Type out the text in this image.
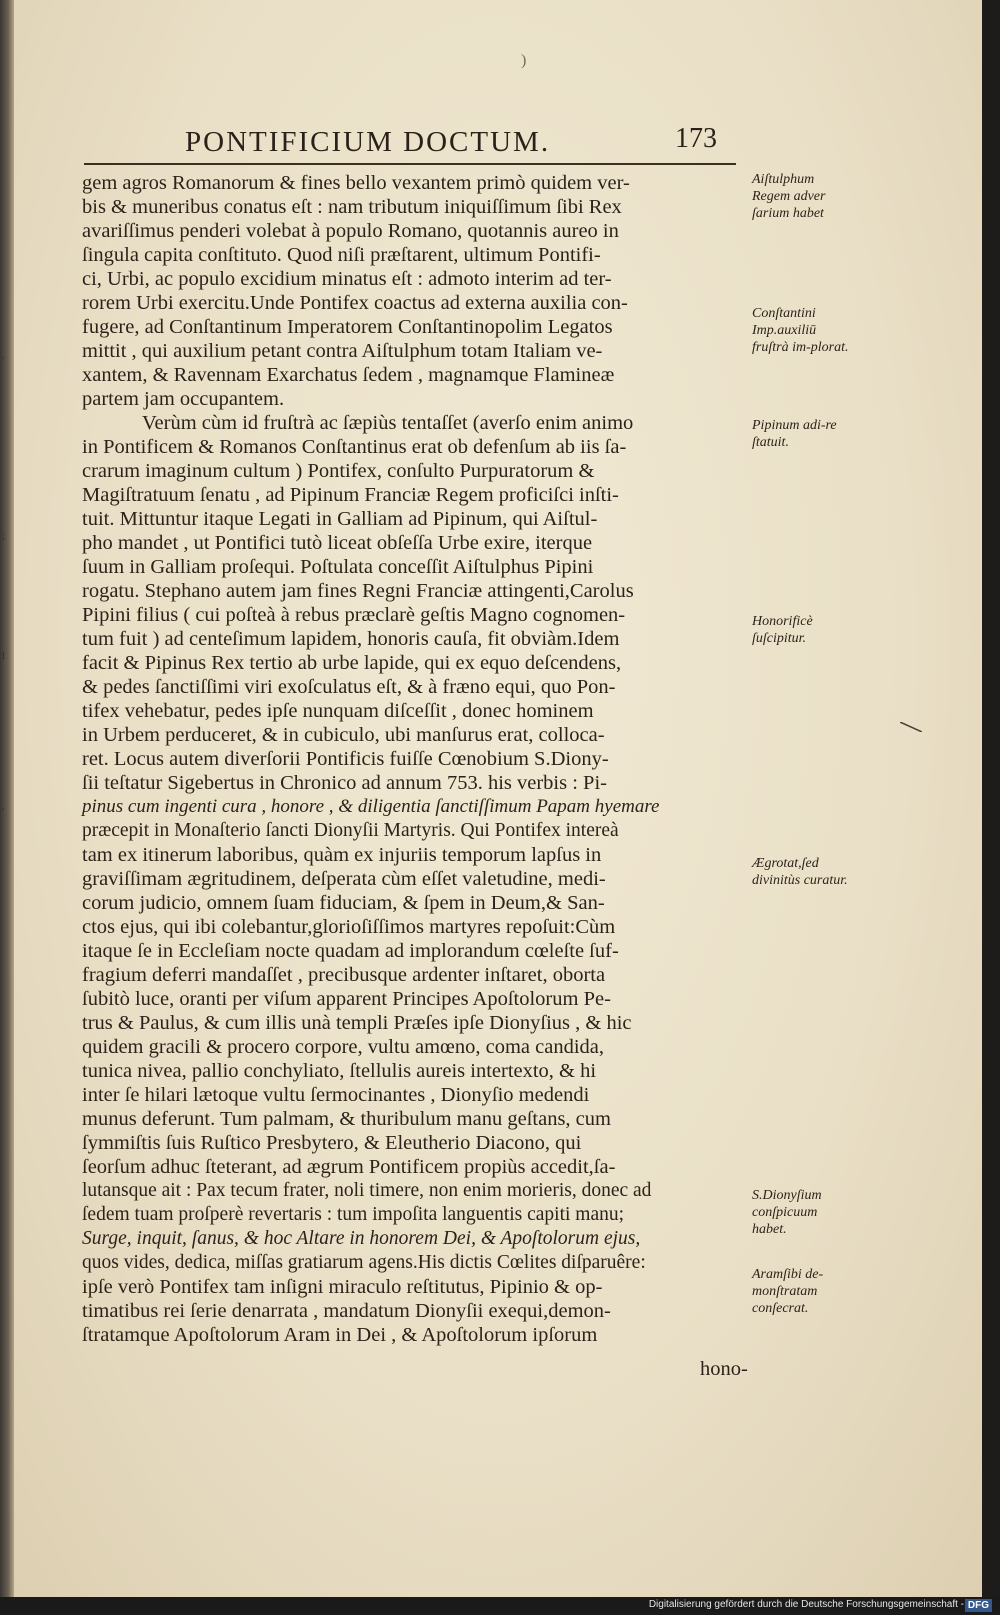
'
;
l
,
)
PONTIFICIUM DOCTUM.	173
gem agros Romanorum & fines bello vexantem primò quidem ver-
bis & muneribus conatus eſt : nam tributum iniquiſſimum ſibi Rex
avariſſimus penderi volebat à populo Romano, quotannis aureo in
ſingula capita conſtituto. Quod niſi præſtarent, ultimum Pontifi-
ci, Urbi, ac populo excidium minatus eſt : admoto interim ad ter-
rorem Urbi exercitu.Unde Pontifex coactus ad externa auxilia con-
fugere, ad Conſtantinum Imperatorem Conſtantinopolim Legatos
mittit , qui auxilium petant contra Aiſtulphum totam Italiam ve-
xantem, & Ravennam Exarchatus ſedem , magnamque Flamineæ
partem jam occupantem.
Verùm cùm id fruſtrà ac ſæpiùs tentaſſet (averſo enim animo
in Pontificem & Romanos Conſtantinus erat ob defenſum ab iis ſa-
crarum imaginum cultum ) Pontifex, conſulto Purpuratorum &
Magiſtratuum ſenatu , ad Pipinum Franciæ Regem proficiſci inſti-
tuit. Mittuntur itaque Legati in Galliam ad Pipinum, qui Aiſtul-
pho mandet , ut Pontifici tutò liceat obſeſſa Urbe exire, iterque
ſuum in Galliam proſequi. Poſtulata conceſſit Aiſtulphus Pipini
rogatu. Stephano autem jam fines Regni Franciæ attingenti,Carolus
Pipini filius ( cui poſteà à rebus præclarè geſtis Magno cognomen-
tum fuit ) ad centeſimum lapidem, honoris cauſa, fit obviàm.Idem
facit & Pipinus Rex tertio ab urbe lapide, qui ex equo deſcendens,
& pedes ſanctiſſimi viri exoſculatus eſt, & à fræno equi, quo Pon-
tifex vehebatur, pedes ipſe nunquam diſceſſit , donec hominem
in Urbem perduceret, & in cubiculo, ubi manſurus erat, colloca-
ret. Locus autem diverſorii Pontificis fuiſſe Cœnobium S.Diony-
ſii teſtatur Sigebertus in Chronico ad annum 753. his verbis : Pi-
pinus cum ingenti cura , honore , & diligentia ſanctiſſimum Papam hyemare
præcepit in Monaſterio ſancti Dionyſii Martyris. Qui Pontifex intereà
tam ex itinerum laboribus, quàm ex injuriis temporum lapſus in
graviſſimam ægritudinem, deſperata cùm eſſet valetudine, medi-
corum judicio, omnem ſuam fiduciam, & ſpem in Deum,& San-
ctos ejus, qui ibi colebantur,glorioſiſſimos martyres repoſuit:Cùm
itaque ſe in Eccleſiam nocte quadam ad implorandum cœleſte ſuf-
fragium deferri mandaſſet , precibusque ardenter inſtaret, oborta
ſubitò luce, oranti per viſum apparent Principes Apoſtolorum Pe-
trus & Paulus, & cum illis unà templi Præſes ipſe Dionyſius , & hic
quidem gracili & procero corpore, vultu amœno, coma candida,
tunica nivea, pallio conchyliato, ſtellulis aureis intertexto, & hi
inter ſe hilari lætoque vultu ſermocinantes , Dionyſio medendi
munus deferunt. Tum palmam, & thuribulum manu geſtans, cum
ſymmiſtis ſuis Ruſtico Presbytero, & Eleutherio Diacono, qui
ſeorſum adhuc ſteterant, ad ægrum Pontificem propiùs accedit,ſa-
lutansque ait : Pax tecum frater, noli timere, non enim morieris, donec ad
ſedem tuam proſperè revertaris : tum impoſita languentis capiti manu;
Surge, inquit, ſanus, & hoc Altare in honorem Dei, & Apoſtolorum ejus,
quos vides, dedica, miſſas gratiarum agens.His dictis Cœlites diſparuêre:
ipſe verò Pontifex tam inſigni miraculo reſtitutus, Pipinio & op-
timatibus rei ſerie denarrata , mandatum Dionyſii exequi,demon-
ſtratamque Apoſtolorum Aram in Dei , & Apoſtolorum ipſorum
hono-
Aiſtulphum Regem adver ſarium habet
Conſtantini Imp.auxiliū fruſtrà im-plorat.
Pipinum adi-re ſtatuit.
Honorificè ſuſcipitur.
Ægrotat,ſed divinitùs curatur.
S.Dionyſium conſpicuum habet.
Aramſibi de-monſtratam conſecrat.
Digitalisierung gefördert durch die Deutsche Forschungsgemeinschaft - DFG
